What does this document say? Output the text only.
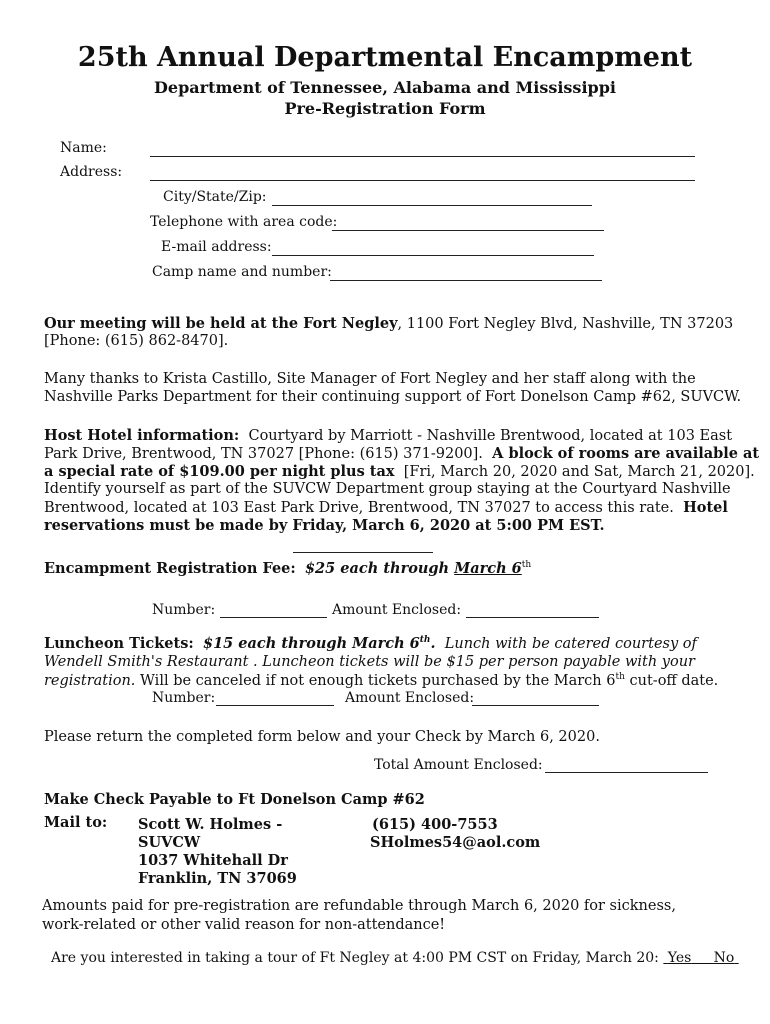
25th Annual Departmental Encampment
Department of Tennessee, Alabama and Mississippi
Pre-Registration Form
Name:
Address:
City/State/Zip:
Telephone with area code:
E-mail address:
Camp name and number:
Our meeting will be held at the Fort Negley, 1100 Fort Negley Blvd, Nashville, TN 37203
[Phone: (615) 862-8470].
Many thanks to Krista Castillo, Site Manager of Fort Negley and her staff along with the
Nashville Parks Department for their continuing support of Fort Donelson Camp #62, SUVCW.
Host Hotel information: Courtyard by Marriott - Nashville Brentwood, located at 103 East
Park Drive, Brentwood, TN 37027 [Phone: (615) 371-9200]. A block of rooms are available at
a special rate of $109.00 per night plus tax [Fri, March 20, 2020 and Sat, March 21, 2020].
Identify yourself as part of the SUVCW Department group staying at the Courtyard Nashville
Brentwood, located at 103 East Park Drive, Brentwood, TN 37027 to access this rate. Hotel
reservations must be made by Friday, March 6, 2020 at 5:00 PM EST.
Encampment Registration Fee: $25 each through March 6th
Number:	Amount Enclosed:
Luncheon Tickets: $15 each through March 6th. Lunch with be catered courtesy of
Wendell Smith's Restaurant . Luncheon tickets will be $15 per person payable with your
registration. Will be canceled if not enough tickets purchased by the March 6th cut-off date.
Number:	Amount Enclosed:
Please return the completed form below and your Check by March 6, 2020.
Total Amount Enclosed:
Make Check Payable to Ft Donelson Camp #62
Mail to: Scott W. Holmes -
SUVCW
1037 Whitehall Dr
Franklin, TN 37069
(615) 400-7553
SHolmes54@aol.com
Amounts paid for pre-registration are refundable through March 6, 2020 for sickness,
work-related or other valid reason for non-attendance!
Are you interested in taking a tour of Ft Negley at 4:00 PM CST on Friday, March 20: Yes No
